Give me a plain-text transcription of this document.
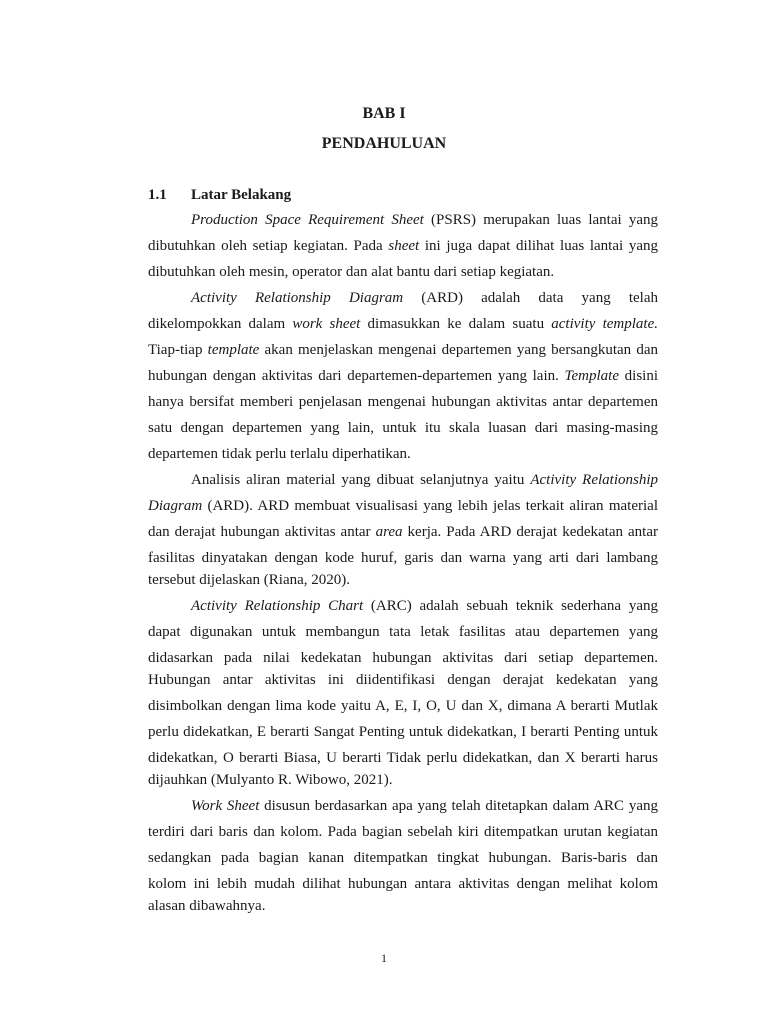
BAB I
PENDAHULUAN
1.1 Latar Belakang
Production Space Requirement Sheet (PSRS) merupakan luas lantai yang
dibutuhkan oleh setiap kegiatan. Pada sheet ini juga dapat dilihat luas lantai yang
dibutuhkan oleh mesin, operator dan alat bantu dari setiap kegiatan.
Activity Relationship Diagram (ARD) adalah data yang telah
dikelompokkan dalam work sheet dimasukkan ke dalam suatu activity template.
Tiap-tiap template akan menjelaskan mengenai departemen yang bersangkutan dan
hubungan dengan aktivitas dari departemen-departemen yang lain. Template disini
hanya bersifat memberi penjelasan mengenai hubungan aktivitas antar departemen
satu dengan departemen yang lain, untuk itu skala luasan dari masing-masing
departemen tidak perlu terlalu diperhatikan.
Analisis aliran material yang dibuat selanjutnya yaitu Activity Relationship
Diagram (ARD). ARD membuat visualisasi yang lebih jelas terkait aliran material
dan derajat hubungan aktivitas antar area kerja. Pada ARD derajat kedekatan antar
fasilitas dinyatakan dengan kode huruf, garis dan warna yang arti dari lambang
tersebut dijelaskan (Riana, 2020).
Activity Relationship Chart (ARC) adalah sebuah teknik sederhana yang
dapat digunakan untuk membangun tata letak fasilitas atau departemen yang
didasarkan pada nilai kedekatan hubungan aktivitas dari setiap departemen.
Hubungan antar aktivitas ini diidentifikasi dengan derajat kedekatan yang
disimbolkan dengan lima kode yaitu A, E, I, O, U dan X, dimana A berarti Mutlak
perlu didekatkan, E berarti Sangat Penting untuk didekatkan, I berarti Penting untuk
didekatkan, O berarti Biasa, U berarti Tidak perlu didekatkan, dan X berarti harus
dijauhkan (Mulyanto R. Wibowo, 2021).
Work Sheet disusun berdasarkan apa yang telah ditetapkan dalam ARC yang
terdiri dari baris dan kolom. Pada bagian sebelah kiri ditempatkan urutan kegiatan
sedangkan pada bagian kanan ditempatkan tingkat hubungan. Baris-baris dan
kolom ini lebih mudah dilihat hubungan antara aktivitas dengan melihat kolom
alasan dibawahnya.
1
